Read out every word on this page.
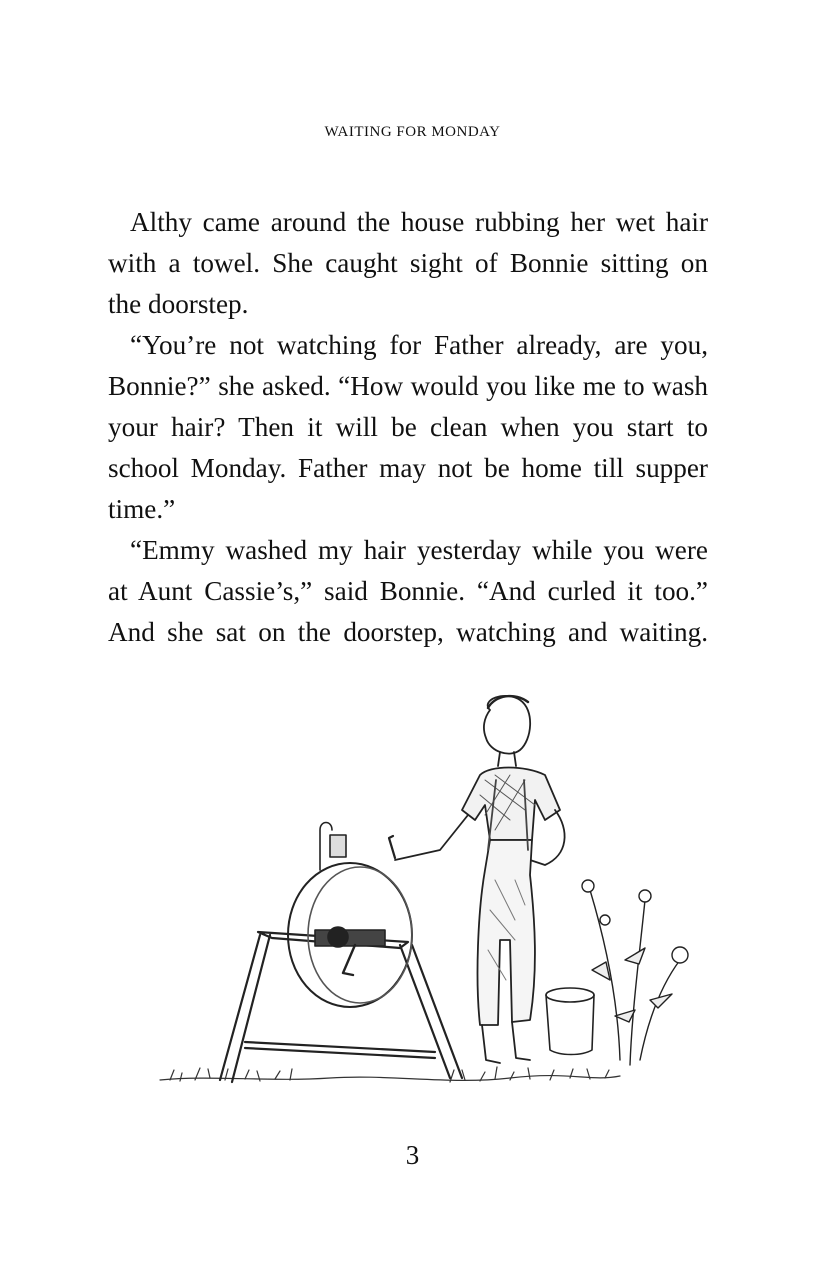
WAITING FOR MONDAY
Althy came around the house rubbing her wet hair
with a towel. She caught sight of Bonnie sitting on
the doorstep.
“You’re not watching for Father already, are you,
Bonnie?” she asked. “How would you like me to wash
your hair? Then it will be clean when you start to
school Monday. Father may not be home till supper
time.”
“Emmy washed my hair yesterday while you were
at Aunt Cassie’s,” said Bonnie. “And curled it too.”
And she sat on the doorstep, watching and waiting.
3
